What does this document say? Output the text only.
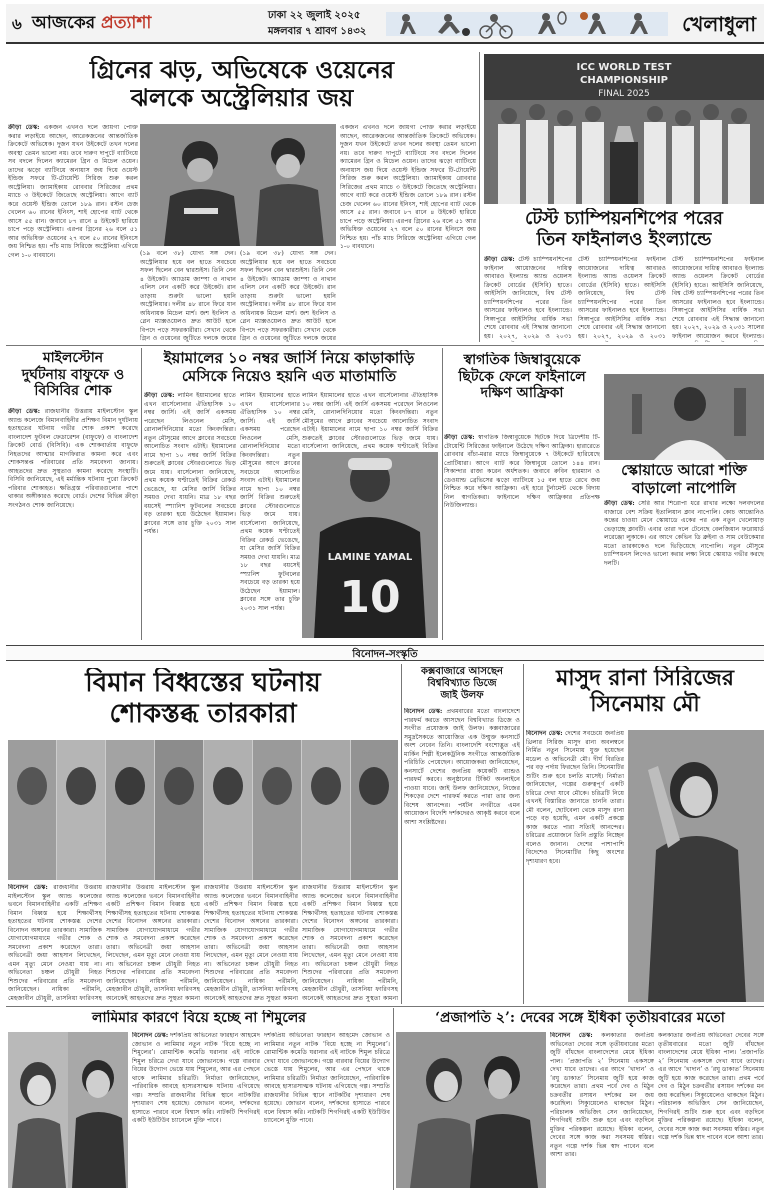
৬ আজকের প্রত্যাশা	ঢাকা ২২ জুলাই ২০২৫
মঙ্গলবার ৭ শ্রাবণ ১৪৩২	খেলাধুলা
গ্রিনের ঝড়, অভিষেকে ওয়েনের
ঝলকে অস্ট্রেলিয়ার জয়
ক্রীড়া ডেস্ক: একজন এখনও দলে জায়গা পোক্ত করার লড়াইয়ে আছেন, আরেকজনের আন্তর্জাতিক ক্রিকেটে অভিষেক। দুজন যখন উইকেটে তখন দলের অবস্থা তেমন ভালো নয়। তবে দারুণ দাপুটে ব্যাটিংয়ে সব বদলে দিলেন ক্যামেরন গ্রিন ও মিচেল ওয়েন। তাদের ঝড়ো ব্যাটিংয়ে অনায়াস জয় দিয়ে ওয়েস্ট ইন্ডিজ সফরে টি-টোয়েন্টি সিরিজ শুরু করল অস্ট্রেলিয়া। জ্যামাইকায় রোববার সিরিজের প্রথম ম্যাচে ৩ উইকেটে জিতেছে অস্ট্রেলিয়া। আগে ব্যাট করে ওয়েস্ট ইন্ডিজ তোলে ১৮৯ রান। রস্টন চেজ খেলেন ৬০ রানের ইনিংস, শাই হোপের ব্যাট থেকে আসে ৫৫ রান। জবাবে ৮৭ রানে ৪ উইকেট হারিয়ে চাপে পড়ে অস্ট্রেলিয়া। এরপর গ্রিনের ২৬ বলে ৫১ আর অভিষিক্ত ওয়েনের ২৭ বলে ৫০ রানের ইনিংসে জয় নিশ্চিত হয়। পাঁচ ম্যাচ সিরিজে অস্ট্রেলিয়া এগিয়ে গেল ১-০ ব্যবধানে।	(১৯ বলে ৩৮) যোগ্য সঙ্গ দেন। অস্ট্রেলিয়ার হয়ে বল হাতে সবচেয়ে সফল ছিলেন বেন দ্বারশুইস। তিনি নেন ৪ উইকেট। অ্যাডাম জাম্পা ও নাথান এলিস নেন একটি করে উইকেট। রান তাড়ায় শুরুটা ভালো হয়নি অস্ট্রেলিয়ার। দলীয় ৪৮ রানে ফিরে যান অধিনায়ক মিচেল মার্শ। জশ ইংলিস ও গ্লেন ম্যাক্সওয়েলও দ্রুত আউট হলে বিপদে পড়ে সফরকারীরা। সেখান থেকে গ্রিন ও ওয়েনের জুটিতে দলকে জয়ের
(১৯ বলে ৩৮) যোগ্য সঙ্গ দেন। অস্ট্রেলিয়ার হয়ে বল হাতে সবচেয়ে সফল ছিলেন বেন দ্বারশুইস। তিনি নেন ৪ উইকেট। অ্যাডাম জাম্পা ও নাথান এলিস নেন একটি করে উইকেট। রান তাড়ায় শুরুটা ভালো হয়নি অস্ট্রেলিয়ার। দলীয় ৪৮ রানে ফিরে যান অধিনায়ক মিচেল মার্শ। জশ ইংলিস ও গ্লেন ম্যাক্সওয়েলও দ্রুত আউট হলে বিপদে পড়ে সফরকারীরা। সেখান থেকে গ্রিন ও ওয়েনের জুটিতে দলকে জয়ের
একজন এখনও দলে জায়গা পোক্ত করার লড়াইয়ে আছেন, আরেকজনের আন্তর্জাতিক ক্রিকেটে অভিষেক। দুজন যখন উইকেটে তখন দলের অবস্থা তেমন ভালো নয়। তবে দারুণ দাপুটে ব্যাটিংয়ে সব বদলে দিলেন ক্যামেরন গ্রিন ও মিচেল ওয়েন। তাদের ঝড়ো ব্যাটিংয়ে অনায়াস জয় দিয়ে ওয়েস্ট ইন্ডিজ সফরে টি-টোয়েন্টি সিরিজ শুরু করল অস্ট্রেলিয়া। জ্যামাইকায় রোববার সিরিজের প্রথম ম্যাচে ৩ উইকেটে জিতেছে অস্ট্রেলিয়া। আগে ব্যাট করে ওয়েস্ট ইন্ডিজ তোলে ১৮৯ রান। রস্টন চেজ খেলেন ৬০ রানের ইনিংস, শাই হোপের ব্যাট থেকে আসে ৫৫ রান। জবাবে ৮৭ রানে ৪ উইকেট হারিয়ে চাপে পড়ে অস্ট্রেলিয়া। এরপর গ্রিনের ২৬ বলে ৫১ আর অভিষিক্ত ওয়েনের ২৭ বলে ৫০ রানের ইনিংসে জয় নিশ্চিত হয়। পাঁচ ম্যাচ সিরিজে অস্ট্রেলিয়া এগিয়ে গেল ১-০ ব্যবধানে।
ICC WORLD TEST
CHAMPIONSHIP
FINAL 2025
টেস্ট চ্যাম্পিয়নশিপের পরের
তিন ফাইনালও ইংল্যান্ডে
ক্রীড়া ডেস্ক: টেস্ট চ্যাম্পিয়নশিপের ফাইনাল আয়োজনের দায়িত্ব আবারও ইংল্যান্ড অ্যান্ড ওয়েলস ক্রিকেট বোর্ডের (ইসিবি) হাতে। আইসিসি জানিয়েছে, বিশ্ব টেস্ট চ্যাম্পিয়নশিপের পরের তিন আসরের ফাইনালও হবে ইংল্যান্ডে। সিঙ্গাপুরে আইসিসির বার্ষিক সভা শেষে রোববার এই সিদ্ধান্ত জানানো হয়। ২০২৭, ২০২৯ ও ২০৩১
টেস্ট চ্যাম্পিয়নশিপের ফাইনাল আয়োজনের দায়িত্ব আবারও ইংল্যান্ড অ্যান্ড ওয়েলস ক্রিকেট বোর্ডের (ইসিবি) হাতে। আইসিসি জানিয়েছে, বিশ্ব টেস্ট চ্যাম্পিয়নশিপের পরের তিন আসরের ফাইনালও হবে ইংল্যান্ডে। সিঙ্গাপুরে আইসিসির বার্ষিক সভা শেষে রোববার এই সিদ্ধান্ত জানানো হয়। ২০২৭, ২০২৯ ও ২০৩১
টেস্ট চ্যাম্পিয়নশিপের ফাইনাল আয়োজনের দায়িত্ব আবারও ইংল্যান্ড অ্যান্ড ওয়েলস ক্রিকেট বোর্ডের (ইসিবি) হাতে। আইসিসি জানিয়েছে, বিশ্ব টেস্ট চ্যাম্পিয়নশিপের পরের তিন আসরের ফাইনালও হবে ইংল্যান্ডে। সিঙ্গাপুরে আইসিসির বার্ষিক সভা শেষে রোববার এই সিদ্ধান্ত জানানো হয়। ২০২৭, ২০২৯ ও ২০৩১ সালের ফাইনাল আয়োজন করবে ইংল্যান্ড।
মাইলস্টোন
দুর্ঘটনায় বাফুফে ও
বিসিবির শোক
ক্রীড়া ডেস্ক: রাজধানীর উত্তরায় মাইলস্টোন স্কুল অ্যান্ড কলেজে বিমানবাহিনীর প্রশিক্ষণ বিমান দুর্ঘটনায় হতাহতের ঘটনায় গভীর শোক প্রকাশ করেছে বাংলাদেশ ফুটবল ফেডারেশন (বাফুফে) ও বাংলাদেশ ক্রিকেট বোর্ড (বিসিবি)। এক শোকবার্তায় বাফুফে নিহতদের আত্মার মাগফিরাত কামনা করে এবং শোকসন্তপ্ত পরিবারের প্রতি সমবেদনা জানায়। আহতদের দ্রুত সুস্থতাও কামনা করেছে সংস্থাটি। বিসিবি জানিয়েছে, এই মর্মান্তিক ঘটনায় পুরো ক্রিকেট পরিবার শোকাহত। ক্ষতিগ্রস্ত পরিবারগুলোর পাশে থাকার অঙ্গীকারও করেছে বোর্ড। দেশের বিভিন্ন ক্রীড়া সংগঠনও শোক জানিয়েছে।
ইয়ামালের ১০ নম্বর জার্সি নিয়ে কাড়াকাড়ি
মেসিকে নিয়েও হয়নি এত মাতামাতি
ক্রীড়া ডেস্ক: লামিন ইয়ামালের হাতে এখন বার্সেলোনার ঐতিহাসিক ১০ নম্বর জার্সি। এই জার্সি একসময় পরেছেন লিওনেল মেসি, রোনালদিনিয়োর মতো কিংবদন্তিরা। নতুন মৌসুমের আগে ক্লাবের সবচেয়ে আলোচিত সংবাদ এটাই। ইয়ামালের নামে ছাপা ১০ নম্বর জার্সি বিক্রির শুরুতেই ক্লাবের স্টোরগুলোতে ভিড় জমে যায়। বার্সেলোনা জানিয়েছে, প্রথম কয়েক ঘণ্টাতেই বিক্রির রেকর্ড ভেঙেছে, যা মেসির জার্সি বিক্রির সময়ও দেখা যায়নি। মাত্র ১৮ বছর বয়সেই স্প্যানিশ ফুটবলের সবচেয়ে বড় তারকা হয়ে উঠেছেন ইয়ামাল। ক্লাবের সঙ্গে তার চুক্তি ২০৩১ সাল পর্যন্ত।
লামিন ইয়ামালের হাতে এখন বার্সেলোনার ঐতিহাসিক ১০ নম্বর জার্সি। এই জার্সি একসময় পরেছেন লিওনেল মেসি, রোনালদিনিয়োর মতো কিংবদন্তিরা। নতুন মৌসুমের আগে ক্লাবের সবচেয়ে আলোচিত সংবাদ এটাই। ইয়ামালের নামে ছাপা ১০ নম্বর জার্সি বিক্রির শুরুতেই ক্লাবের স্টোরগুলোতে ভিড় জমে যায়। বার্সেলোনা জানিয়েছে, প্রথম কয়েক ঘণ্টাতেই বিক্রির রেকর্ড ভেঙেছে, যা মেসির জার্সি বিক্রির সময়ও দেখা যায়নি। মাত্র ১৮ বছর বয়সেই স্প্যানিশ ফুটবলের সবচেয়ে বড় তারকা হয়ে উঠেছেন ইয়ামাল। ক্লাবের সঙ্গে তার চুক্তি ২০৩১ সাল পর্যন্ত।
LAMINE YAMAL
10
লামিন ইয়ামালের হাতে এখন বার্সেলোনার ঐতিহাসিক ১০ নম্বর জার্সি। এই জার্সি একসময় পরেছেন লিওনেল মেসি, রোনালদিনিয়োর মতো কিংবদন্তিরা। নতুন মৌসুমের আগে ক্লাবের সবচেয়ে আলোচিত সংবাদ এটাই। ইয়ামালের নামে ছাপা ১০ নম্বর জার্সি বিক্রির শুরুতেই ক্লাবের স্টোরগুলোতে ভিড় জমে যায়। বার্সেলোনা জানিয়েছে, প্রথম কয়েক ঘণ্টাতেই বিক্রির
স্বাগতিক জিম্বাবুয়েকে
ছিটকে ফেলে ফাইনালে
দক্ষিণ আফ্রিকা
ক্রীড়া ডেস্ক: স্বাগতিক জিম্বাবুয়েকে ছিটকে দিয়ে ত্রিদেশীয় টি-টোয়েন্টি সিরিজের ফাইনালে উঠেছে দক্ষিণ আফ্রিকা। হারারেতে রোববার বাঁচা-মরার ম্যাচে জিম্বাবুয়েকে ৭ উইকেটে হারিয়েছে প্রোটিয়ারা। আগে ব্যাট করে জিম্বাবুয়ে তোলে ১৪৪ রান। সিকান্দার রাজা করেন অর্ধশতক। জবাবে রুবিন হারম্যান ও ডেওয়াল্ড ব্রেভিসের ঝড়ো ব্যাটিংয়ে ১৫ বল হাতে রেখে জয় নিশ্চিত করে দক্ষিণ আফ্রিকা। এই হারে টুর্নামেন্ট থেকে বিদায় নিল স্বাগতিকরা। ফাইনালে দক্ষিণ আফ্রিকার প্রতিপক্ষ নিউজিল্যান্ড।
স্কোয়াডে আরো শক্তি
বাড়ালো নাপোলি
ক্রীড়া ডেস্ক: সেরি আর শিরোপা ধরে রাখার লক্ষ্যে দলবদলের বাজারে বেশ সক্রিয় ইতালিয়ান ক্লাব নাপোলি। কোচ আন্তোনিও কন্তের চাওয়া মেনে স্কোয়াডে একের পর এক নতুন খেলোয়াড় ভেড়াচ্ছে ক্লাবটি। এবার তারা দলে টেনেছে বেলজিয়ান ফরোয়ার্ড লরেঞ্জো লুকাকে। এর আগে কেভিন ডি ব্রুইনা ও সাম বেউকেমার মতো তারকাকেও দলে ভিড়িয়েছে নাপোলি। নতুন মৌসুমে চ্যাম্পিয়নস লিগেও ভালো করার লক্ষ্য নিয়ে স্কোয়াড গভীর করছে দলটি।
বিনোদন-সংস্কৃতি
বিমান বিধ্বস্তের ঘটনায়
শোকস্তব্ধ তারকারা
বিনোদন ডেস্ক: রাজধানীর উত্তরায় মাইলস্টোন স্কুল অ্যান্ড কলেজের ভবনে বিমানবাহিনীর একটি প্রশিক্ষণ বিমান বিধ্বস্ত হয়ে শিক্ষার্থীসহ হতাহতের ঘটনায় শোকস্তব্ধ দেশের বিনোদন অঙ্গনের তারকারা। সামাজিক যোগাযোগমাধ্যমে গভীর শোক ও সমবেদনা প্রকাশ করেছেন তারা। অভিনেত্রী জয়া আহসান লিখেছেন, এমন মৃত্যু মেনে নেওয়া যায় না। অভিনেতা চঞ্চল চৌধুরী নিহত শিশুদের পরিবারের প্রতি সমবেদনা জানিয়েছেন। নায়িকা পরীমনি, মেহজাবীন চৌধুরী, তাসনিয়া ফারিণসহ
রাজধানীর উত্তরায় মাইলস্টোন স্কুল অ্যান্ড কলেজের ভবনে বিমানবাহিনীর একটি প্রশিক্ষণ বিমান বিধ্বস্ত হয়ে শিক্ষার্থীসহ হতাহতের ঘটনায় শোকস্তব্ধ দেশের বিনোদন অঙ্গনের তারকারা। সামাজিক যোগাযোগমাধ্যমে গভীর শোক ও সমবেদনা প্রকাশ করেছেন তারা। অভিনেত্রী জয়া আহসান লিখেছেন, এমন মৃত্যু মেনে নেওয়া যায় না। অভিনেতা চঞ্চল চৌধুরী নিহত শিশুদের পরিবারের প্রতি সমবেদনা জানিয়েছেন। নায়িকা পরীমনি, মেহজাবীন চৌধুরী, তাসনিয়া ফারিণসহ অনেকেই আহতদের দ্রুত সুস্থতা কামনা
রাজধানীর উত্তরায় মাইলস্টোন স্কুল অ্যান্ড কলেজের ভবনে বিমানবাহিনীর একটি প্রশিক্ষণ বিমান বিধ্বস্ত হয়ে শিক্ষার্থীসহ হতাহতের ঘটনায় শোকস্তব্ধ দেশের বিনোদন অঙ্গনের তারকারা। সামাজিক যোগাযোগমাধ্যমে গভীর শোক ও সমবেদনা প্রকাশ করেছেন তারা। অভিনেত্রী জয়া আহসান লিখেছেন, এমন মৃত্যু মেনে নেওয়া যায় না। অভিনেতা চঞ্চল চৌধুরী নিহত শিশুদের পরিবারের প্রতি সমবেদনা জানিয়েছেন। নায়িকা পরীমনি, মেহজাবীন চৌধুরী, তাসনিয়া ফারিণসহ অনেকেই আহতদের দ্রুত সুস্থতা কামনা
রাজধানীর উত্তরায় মাইলস্টোন স্কুল অ্যান্ড কলেজের ভবনে বিমানবাহিনীর একটি প্রশিক্ষণ বিমান বিধ্বস্ত হয়ে শিক্ষার্থীসহ হতাহতের ঘটনায় শোকস্তব্ধ দেশের বিনোদন অঙ্গনের তারকারা। সামাজিক যোগাযোগমাধ্যমে গভীর শোক ও সমবেদনা প্রকাশ করেছেন তারা। অভিনেত্রী জয়া আহসান লিখেছেন, এমন মৃত্যু মেনে নেওয়া যায় না। অভিনেতা চঞ্চল চৌধুরী নিহত শিশুদের পরিবারের প্রতি সমবেদনা জানিয়েছেন। নায়িকা পরীমনি, মেহজাবীন চৌধুরী, তাসনিয়া ফারিণসহ অনেকেই আহতদের দ্রুত সুস্থতা কামনা
কক্সবাজারে আসছেন
বিশ্ববিখ্যাত ডিজে
জাই উলফ
বিনোদন ডেস্ক: প্রথমবারের মতো বাংলাদেশে পারফর্ম করতে আসছেন বিশ্ববিখ্যাত ডিজে ও সংগীত প্রযোজক জাই উলফ। কক্সবাজারের সমুদ্রসৈকতে আয়োজিত এক উন্মুক্ত কনসার্টে অংশ নেবেন তিনি। বাংলাদেশি বংশোদ্ভূত এই মার্কিন শিল্পী ইলেকট্রনিক সংগীতে আন্তর্জাতিক পরিচিতি পেয়েছেন। আয়োজকরা জানিয়েছেন, কনসার্টে দেশের জনপ্রিয় কয়েকটি ব্যান্ডও পারফর্ম করবে। অনুষ্ঠানের টিকিট অনলাইনে পাওয়া যাবে। জাই উলফ জানিয়েছেন, নিজের শিকড়ের দেশে পারফর্ম করতে পারা তার জন্য বিশেষ আনন্দের। পর্যটন নগরীতে এমন আয়োজন বিদেশি দর্শকদেরও আকৃষ্ট করবে বলে আশা সংশ্লিষ্টদের।
মাসুদ রানা সিরিজের
সিনেমায় মৌ
বিনোদন ডেস্ক: দেশের সবচেয়ে জনপ্রিয় থ্রিলার সিরিজ মাসুদ রানা অবলম্বনে নির্মিত নতুন সিনেমায় যুক্ত হয়েছেন মডেল ও অভিনেত্রী মৌ। দীর্ঘ বিরতির পর বড় পর্দায় ফিরছেন তিনি। সিনেমাটির শুটিং শুরু হবে চলতি মাসেই। নির্মাতা জানিয়েছেন, গল্পের গুরুত্বপূর্ণ একটি চরিত্রে দেখা যাবে মৌকে। চরিত্রটি নিয়ে এখনই বিস্তারিত জানাতে চাননি তারা। মৌ বলেন, ছোটবেলা থেকে মাসুদ রানা পড়ে বড় হয়েছি, এমন একটি প্রকল্পে কাজ করতে পারা সত্যিই আনন্দের। চরিত্রের প্রয়োজনে তিনি প্রস্তুতি নিচ্ছেন বলেও জানান। দেশের পাশাপাশি বিদেশেও সিনেমাটির কিছু অংশের দৃশ্যধারণ হবে।
লামিমার কারণে বিয়ে হচ্ছে না শিমুলের
বিনোদন ডেস্ক: দর্শকপ্রিয় অভিনেতা ফারহান আহমেদ জোভান ও লামিমার নতুন নাটক ‘বিয়ে হচ্ছে না শিমুলের’। রোমান্টিক কমেডি ঘরানার এই নাটকে শিমুল চরিত্রে দেখা যাবে জোভানকে। গল্পে বারবার বিয়ের উদ্যোগ ভেস্তে যায় শিমুলের, আর এর পেছনে থাকে লামিমার চরিত্রটি। নির্মাতা জানিয়েছেন, পারিবারিক আবহে হাস্যরসাত্মক ঘটনায় এগিয়েছে গল্প। সম্প্রতি রাজধানীর বিভিন্ন স্থানে নাটকটির দৃশ্যধারণ শেষ হয়েছে। জোভান বলেন, দর্শকদের হাসাতে পারবে বলে বিশ্বাস করি। নাটকটি শিগগিরই একটি ইউটিউব চ্যানেলে মুক্তি পাবে।
দর্শকপ্রিয় অভিনেতা ফারহান আহমেদ জোভান ও লামিমার নতুন নাটক ‘বিয়ে হচ্ছে না শিমুলের’। রোমান্টিক কমেডি ঘরানার এই নাটকে শিমুল চরিত্রে দেখা যাবে জোভানকে। গল্পে বারবার বিয়ের উদ্যোগ ভেস্তে যায় শিমুলের, আর এর পেছনে থাকে লামিমার চরিত্রটি। নির্মাতা জানিয়েছেন, পারিবারিক আবহে হাস্যরসাত্মক ঘটনায় এগিয়েছে গল্প। সম্প্রতি রাজধানীর বিভিন্ন স্থানে নাটকটির দৃশ্যধারণ শেষ হয়েছে। জোভান বলেন, দর্শকদের হাসাতে পারবে বলে বিশ্বাস করি। নাটকটি শিগগিরই একটি ইউটিউব চ্যানেলে মুক্তি পাবে।
‘প্রজাপতি ২’: দেবের সঙ্গে ইধিকা তৃতীয়বারের মতো
বিনোদন ডেস্ক: কলকাতার জনপ্রিয় অভিনেতা দেবের সঙ্গে তৃতীয়বারের মতো জুটি বাঁধছেন বাংলাদেশের মেয়ে ইধিকা পাল। ‘প্রজাপতি ২’ সিনেমায় একসঙ্গে দেখা যাবে তাদের। এর আগে ‘খাদান’ ও ‘রঘু ডাকাত’ সিনেমায় জুটি হয়ে কাজ করেছেন তারা। প্রথম পর্বে দেব ও মিঠুন চক্রবর্তীর রসায়ন দর্শকের মন জয় করেছিল। সিক্যুয়েলেও থাকছেন মিঠুন। পরিচালক অভিজিৎ সেন জানিয়েছেন, শিগগিরই শুটিং শুরু হবে এবং বড়দিনে মুক্তির পরিকল্পনা রয়েছে। ইধিকা বলেন, দেবের সঙ্গে কাজ করা সবসময় স্বস্তির। নতুন গল্পে দর্শক ভিন্ন স্বাদ পাবেন বলে আশা তার।
কলকাতার জনপ্রিয় অভিনেতা দেবের সঙ্গে তৃতীয়বারের মতো জুটি বাঁধছেন বাংলাদেশের মেয়ে ইধিকা পাল। ‘প্রজাপতি ২’ সিনেমায় একসঙ্গে দেখা যাবে তাদের। এর আগে ‘খাদান’ ও ‘রঘু ডাকাত’ সিনেমায় জুটি হয়ে কাজ করেছেন তারা। প্রথম পর্বে দেব ও মিঠুন চক্রবর্তীর রসায়ন দর্শকের মন জয় করেছিল। সিক্যুয়েলেও থাকছেন মিঠুন। পরিচালক অভিজিৎ সেন জানিয়েছেন, শিগগিরই শুটিং শুরু হবে এবং বড়দিনে মুক্তির পরিকল্পনা রয়েছে। ইধিকা বলেন, দেবের সঙ্গে কাজ করা সবসময় স্বস্তির। নতুন গল্পে দর্শক ভিন্ন স্বাদ পাবেন বলে আশা তার।
